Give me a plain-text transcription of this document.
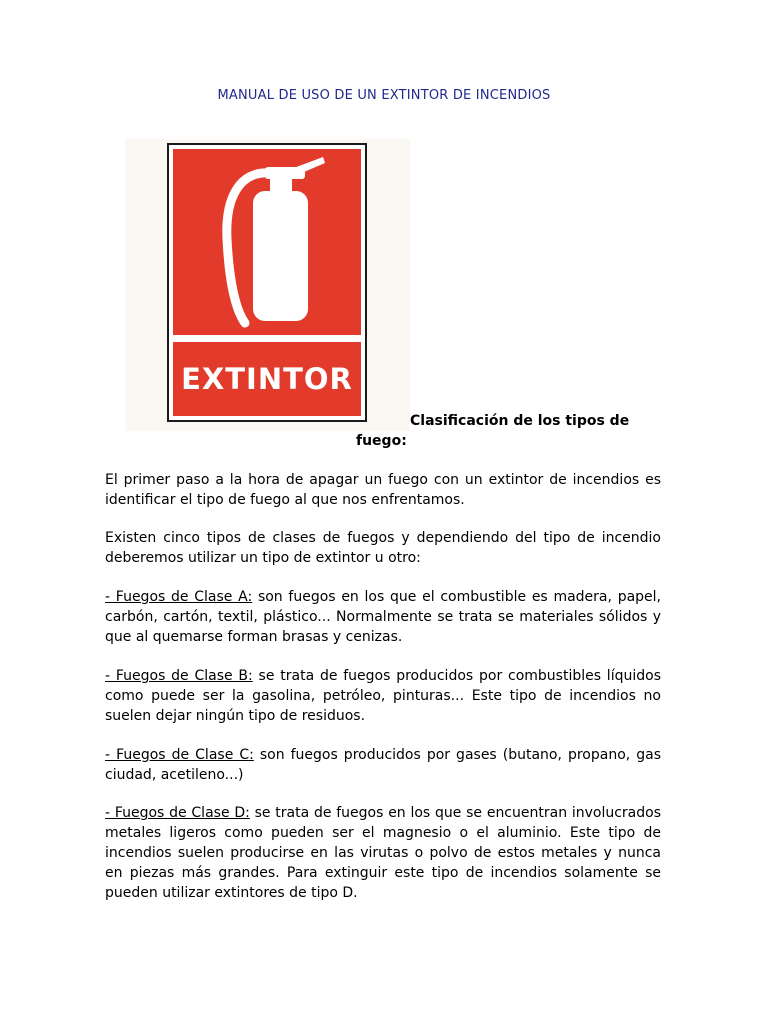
MANUAL DE USO DE UN EXTINTOR DE INCENDIOS
EXTINTOR
Clasificación de los tipos de
fuego:
El primer paso a la hora de apagar un fuego con un extintor de incendios es identificar el tipo de fuego al que nos enfrentamos.
Existen cinco tipos de clases de fuegos y dependiendo del tipo de incendio deberemos utilizar un tipo de extintor u otro:
- Fuegos de Clase A: son fuegos en los que el combustible es madera, papel, carbón, cartón, textil, plástico... Normalmente se trata se materiales sólidos y que al quemarse forman brasas y cenizas.
- Fuegos de Clase B: se trata de fuegos producidos por combustibles líquidos como puede ser la gasolina, petróleo, pinturas... Este tipo de incendios no suelen dejar ningún tipo de residuos.
- Fuegos de Clase C: son fuegos producidos por gases (butano, propano, gas ciudad, acetileno...)
- Fuegos de Clase D: se trata de fuegos en los que se encuentran involucrados metales ligeros como pueden ser el magnesio o el aluminio. Este tipo de incendios suelen producirse en las virutas o polvo de estos metales y nunca en piezas más grandes. Para extinguir este tipo de incendios solamente se pueden utilizar extintores de tipo D.
